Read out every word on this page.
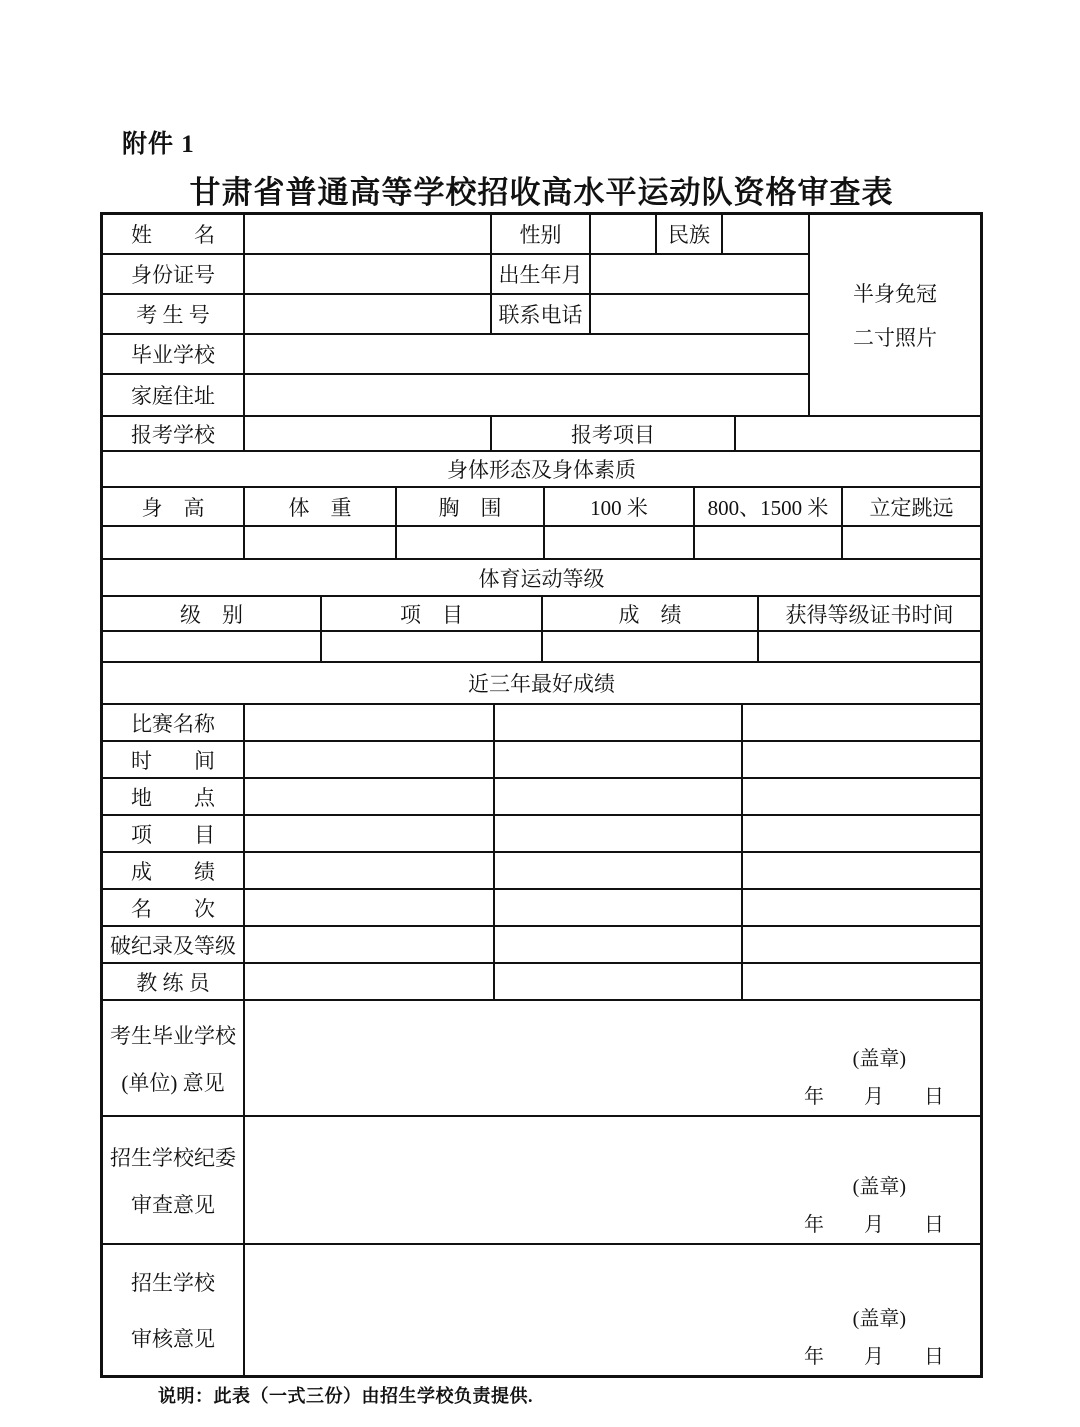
附件 1
甘肃省普通高等学校招收高水平运动队资格审查表
姓　　名	性别	民族
身份证号	出生年月
考 生 号	联系电话
毕业学校
家庭住址
半身免冠
二寸照片
报考学校	报考项目
身体形态及身体素质
身　高	体　重	胸　围	100 米	800、1500 米	立定跳远
体育运动等级
级　别	项　目	成　绩	获得等级证书时间
近三年最好成绩
比赛名称
时　　间
地　　点
项　　目
成　　绩
名　　次
破纪录及等级
教 练 员
考生毕业学校
(单位) 意见
(盖章)
年　　月　　日
招生学校纪委
审查意见
(盖章)
年　　月　　日
招生学校
审核意见
(盖章)
年　　月　　日
说明：此表（一式三份）由招生学校负责提供.
